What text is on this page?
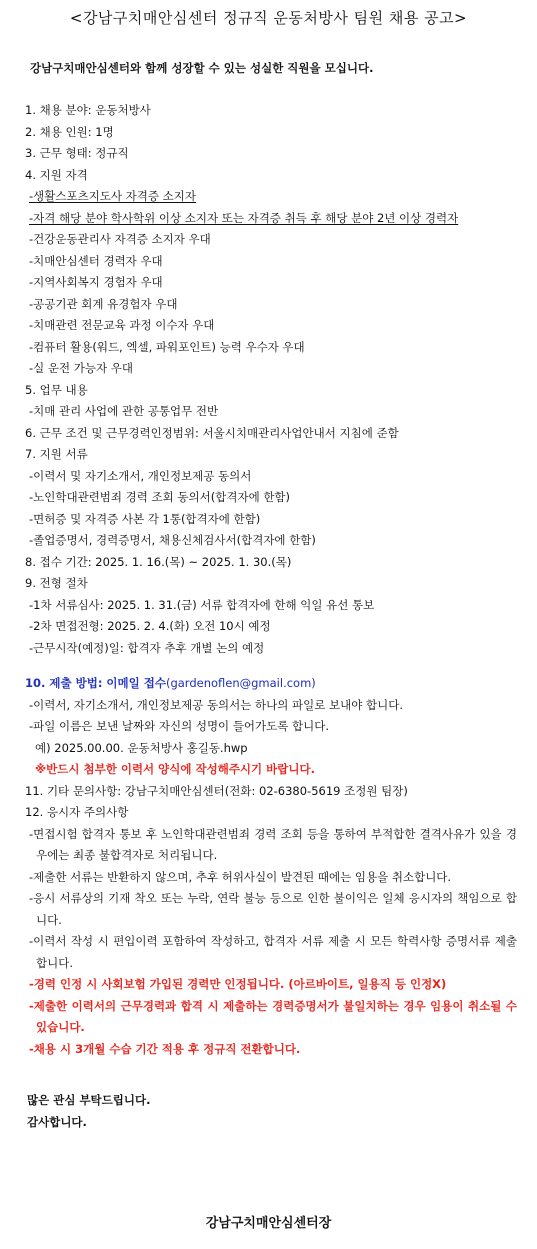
<강남구치매안심센터 정규직 운동처방사 팀원 채용 공고>
강남구치매안심센터와 함께 성장할 수 있는 성실한 직원을 모십니다.
1. 채용 분야: 운동처방사
2. 채용 인원: 1명
3. 근무 형태: 정규직
4. 지원 자격
-생활스포츠지도사 자격증 소지자
-자격 해당 분야 학사학위 이상 소지자 또는 자격증 취득 후 해당 분야 2년 이상 경력자
-건강운동관리사 자격증 소지자 우대
-치매안심센터 경력자 우대
-지역사회복지 경험자 우대
-공공기관 회계 유경험자 우대
-치매관련 전문교육 과정 이수자 우대
-컴퓨터 활용(워드, 엑셀, 파워포인트) 능력 우수자 우대
-실 운전 가능자 우대
5. 업무 내용
-치매 관리 사업에 관한 공통업무 전반
6. 근무 조건 및 근무경력인정범위: 서울시치매관리사업안내서 지침에 준함
7. 지원 서류
-이력서 및 자기소개서, 개인정보제공 동의서
-노인학대관련범죄 경력 조회 동의서(합격자에 한함)
-면허증 및 자격증 사본 각 1통(합격자에 한함)
-졸업증명서, 경력증명서, 채용신체검사서(합격자에 한함)
8. 접수 기간: 2025. 1. 16.(목) ~ 2025. 1. 30.(목)
9. 전형 절차
-1차 서류심사: 2025. 1. 31.(금) 서류 합격자에 한해 익일 유선 통보
-2차 면접전형: 2025. 2. 4.(화) 오전 10시 예정
-근무시작(예정)일: 합격자 추후 개별 논의 예정
10. 제출 방법: 이메일 접수(gardenoflen@gmail.com)
-이력서, 자기소개서, 개인정보제공 동의서는 하나의 파일로 보내야 합니다.
-파일 이름은 보낸 날짜와 자신의 성명이 들어가도록 합니다.
예) 2025.00.00. 운동처방사 홍길동.hwp
※반드시 첨부한 이력서 양식에 작성해주시기 바랍니다.
11. 기타 문의사항: 강남구치매안심센터(전화: 02-6380-5619 조정원 팀장)
12. 응시자 주의사항
-면접시험 합격자 통보 후 노인학대관련범죄 경력 조회 등을 통하여 부적합한 결격사유가 있을 경우에는 최종 불합격자로 처리됩니다.
-제출한 서류는 반환하지 않으며, 추후 허위사실이 발견된 때에는 임용을 취소합니다.
-응시 서류상의 기재 착오 또는 누락, 연락 불능 등으로 인한 불이익은 일체 응시자의 책임으로 합니다.
-이력서 작성 시 편입이력 포함하여 작성하고, 합격자 서류 제출 시 모든 학력사항 증명서류 제출합니다.
-경력 인정 시 사회보험 가입된 경력만 인정됩니다. (아르바이트, 일용직 등 인정X)
-제출한 이력서의 근무경력과 합격 시 제출하는 경력증명서가 불일치하는 경우 임용이 취소될 수 있습니다.
-채용 시 3개월 수습 기간 적용 후 정규직 전환합니다.
많은 관심 부탁드립니다.
감사합니다.
강남구치매안심센터장
